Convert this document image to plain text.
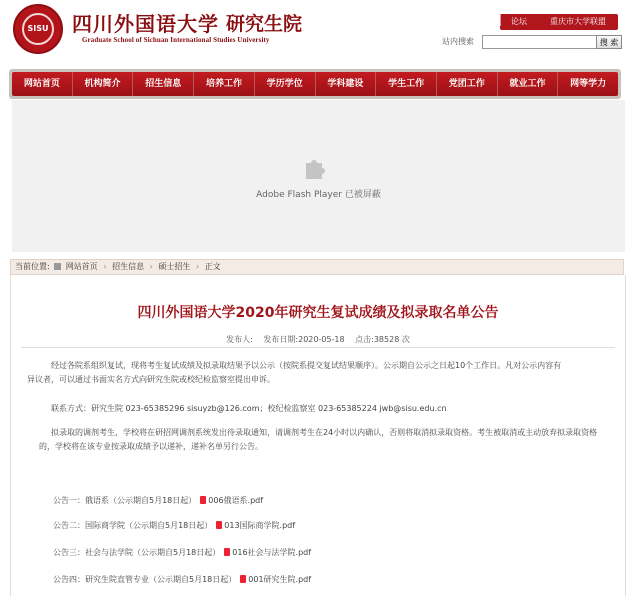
SISU 四川外国语大学 研究生院
Graduate School of Sichuan International Studies University
论坛	重庆市大学联盟
站内搜索	搜 索
网站首页	机构简介	招生信息	培养工作	学历学位	学科建设	学生工作	党团工作	就业工作	网等学力
Adobe Flash Player 已被屏蔽
当前位置: 网站首页 › 招生信息 › 硕士招生 › 正文
四川外国语大学2020年研究生复试成绩及拟录取名单公告
发布人: 发布日期:2020-05-18 点击:38528 次
经过各院系组织复试，现将考生复试成绩及拟录取结果予以公示（按院系提交复试结果顺序）。公示期自公示之日起10个工作日。凡对公示内容有
异议者，可以通过书面实名方式向研究生院或校纪检监察室提出申诉。
联系方式：研究生院 023-65385296 sisuyzb@126.com；校纪检监察室 023-65385224 jwb@sisu.edu.cn
拟录取的调剂考生，学校将在研招网调剂系统发出待录取通知，请调剂考生在24小时以内确认，否则将取消拟录取资格。考生被取消或主动放弃拟录取资格的，学校将在该专业按录取成绩予以递补，递补名单另行公告。
公告一：俄语系（公示期自5月18日起） 006俄语系.pdf
公告二：国际商学院（公示期自5月18日起） 013国际商学院.pdf
公告三：社会与法学院（公示期自5月18日起） 016社会与法学院.pdf
公告四：研究生院直管专业（公示期自5月18日起） 001研究生院.pdf
